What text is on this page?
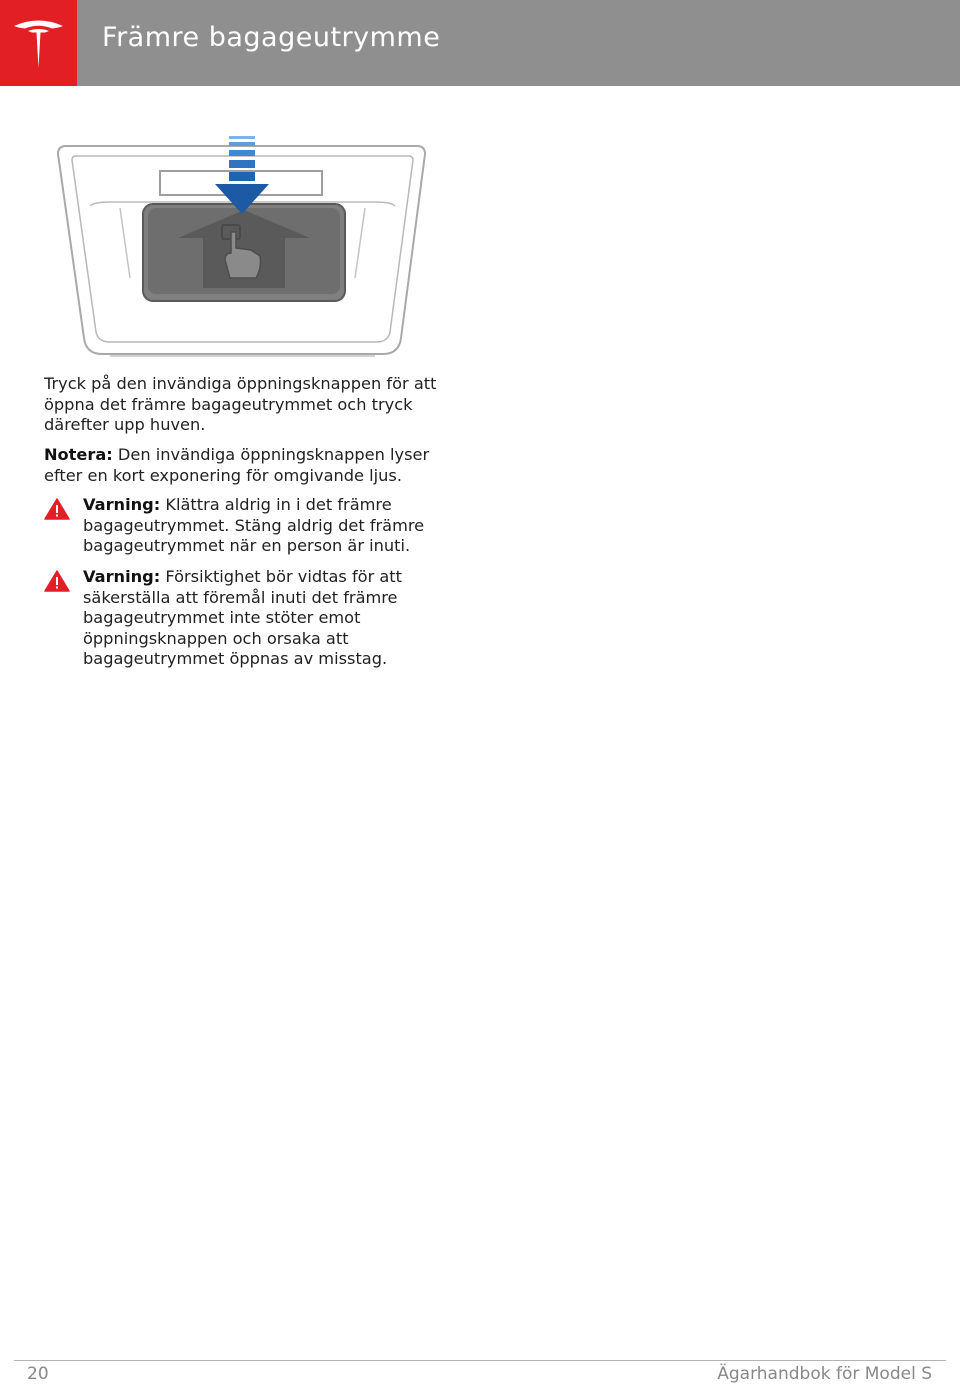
Främre bagageutrymme

Tryck på den invändiga öppningsknappen för att öppna det främre bagageutrymmet och tryck därefter upp huven.

Notera: Den invändiga öppningsknappen lyser efter en kort exponering för omgivande ljus.

Varning: Klättra aldrig in i det främre bagageutrymmet. Stäng aldrig det främre bagageutrymmet när en person är inuti.

Varning: Försiktighet bör vidtas för att säkerställa att föremål inuti det främre bagageutrymmet inte stöter emot öppningsknappen och orsaka att bagageutrymmet öppnas av misstag.

20	Ägarhandbok för Model S
